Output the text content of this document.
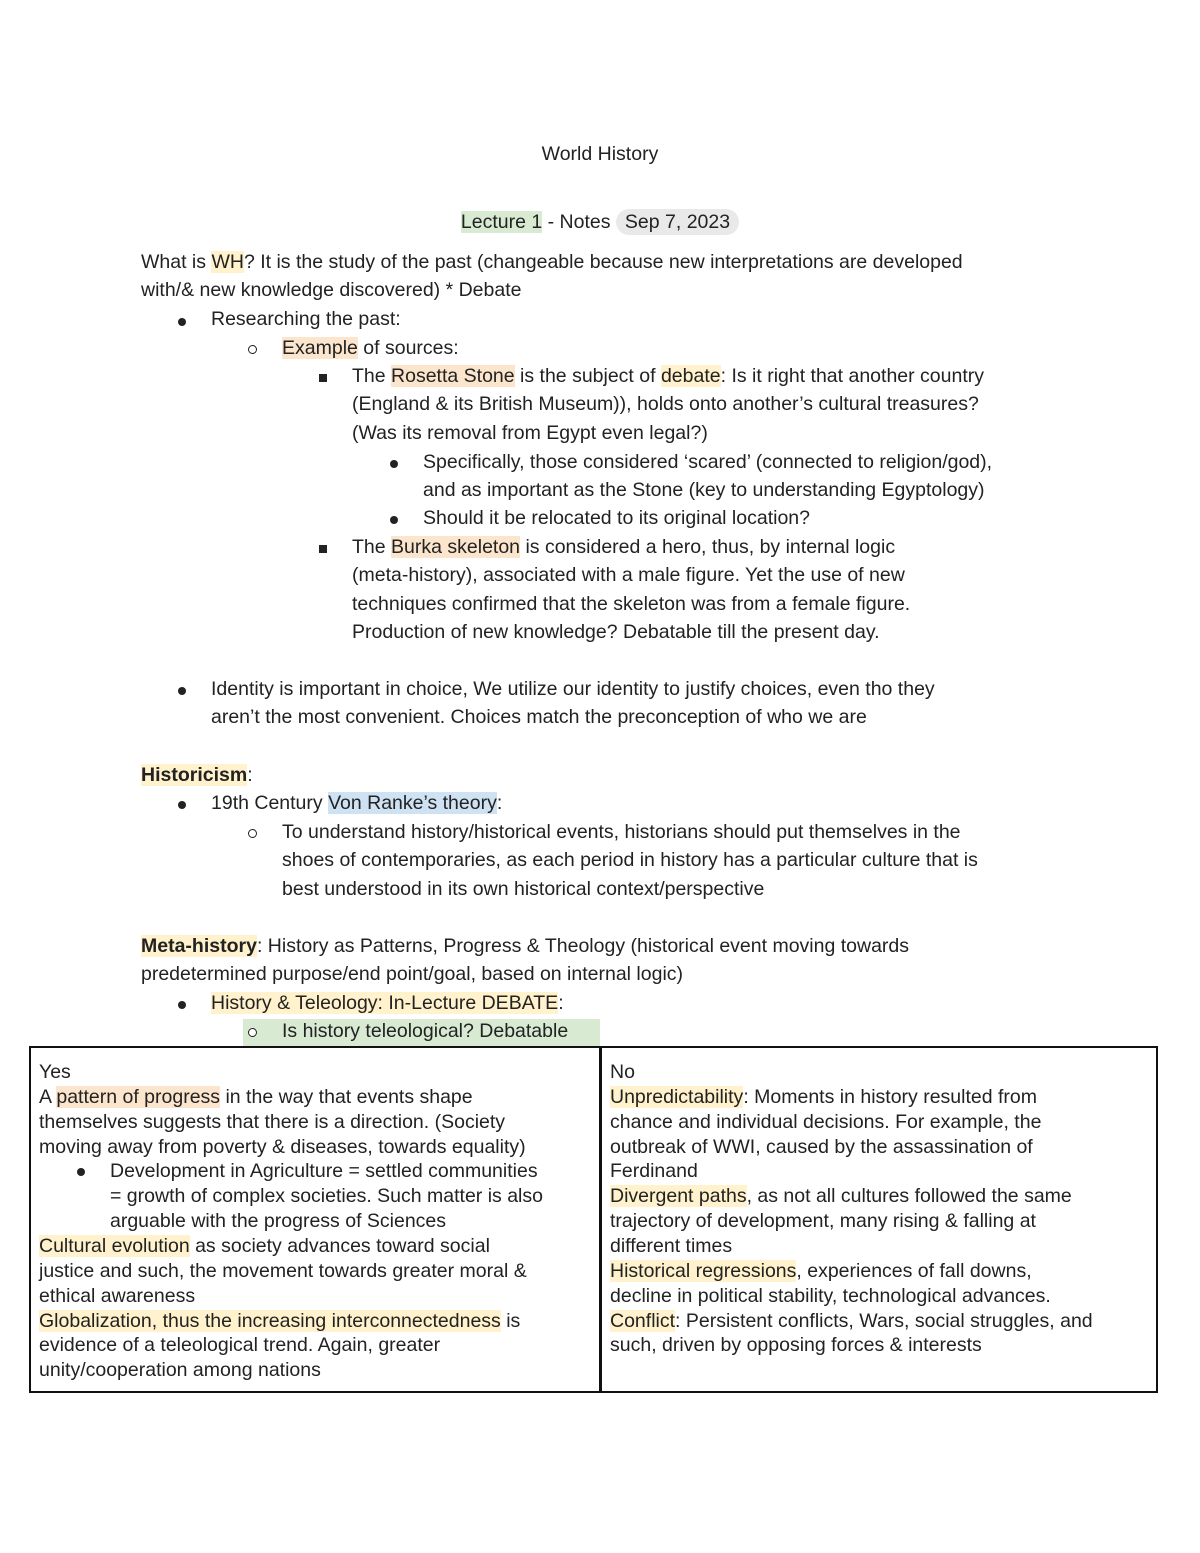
World History
Lecture 1 - Notes Sep 7, 2023
What is WH? It is the study of the past (changeable because new interpretations are developed
with/& new knowledge discovered) * Debate
Researching the past:
Example of sources:
The Rosetta Stone is the subject of debate: Is it right that another country
(England & its British Museum)), holds onto another’s cultural treasures?
(Was its removal from Egypt even legal?)
Specifically, those considered ‘scared’ (connected to religion/god),
and as important as the Stone (key to understanding Egyptology)
Should it be relocated to its original location?
The Burka skeleton is considered a hero, thus, by internal logic
(meta-history), associated with a male figure. Yet the use of new
techniques confirmed that the skeleton was from a female figure.
Production of new knowledge? Debatable till the present day.
Identity is important in choice, We utilize our identity to justify choices, even tho they
aren’t the most convenient. Choices match the preconception of who we are
Historicism:
19th Century Von Ranke’s theory:
To understand history/historical events, historians should put themselves in the
shoes of contemporaries, as each period in history has a particular culture that is
best understood in its own historical context/perspective
Meta-history: History as Patterns, Progress & Theology (historical event moving towards
predetermined purpose/end point/goal, based on internal logic)
History & Teleology: In-Lecture DEBATE:
Is history teleological? Debatable
Yes
A pattern of progress in the way that events shape
themselves suggests that there is a direction. (Society
moving away from poverty & diseases, towards equality)
Development in Agriculture = settled communities
= growth of complex societies. Such matter is also
arguable with the progress of Sciences
Cultural evolution as society advances toward social
justice and such, the movement towards greater moral &
ethical awareness
Globalization, thus the increasing interconnectedness is
evidence of a teleological trend. Again, greater
unity/cooperation among nations
No
Unpredictability: Moments in history resulted from
chance and individual decisions. For example, the
outbreak of WWI, caused by the assassination of
Ferdinand
Divergent paths, as not all cultures followed the same
trajectory of development, many rising & falling at
different times
Historical regressions, experiences of fall downs,
decline in political stability, technological advances.
Conflict: Persistent conflicts, Wars, social struggles, and
such, driven by opposing forces & interests
